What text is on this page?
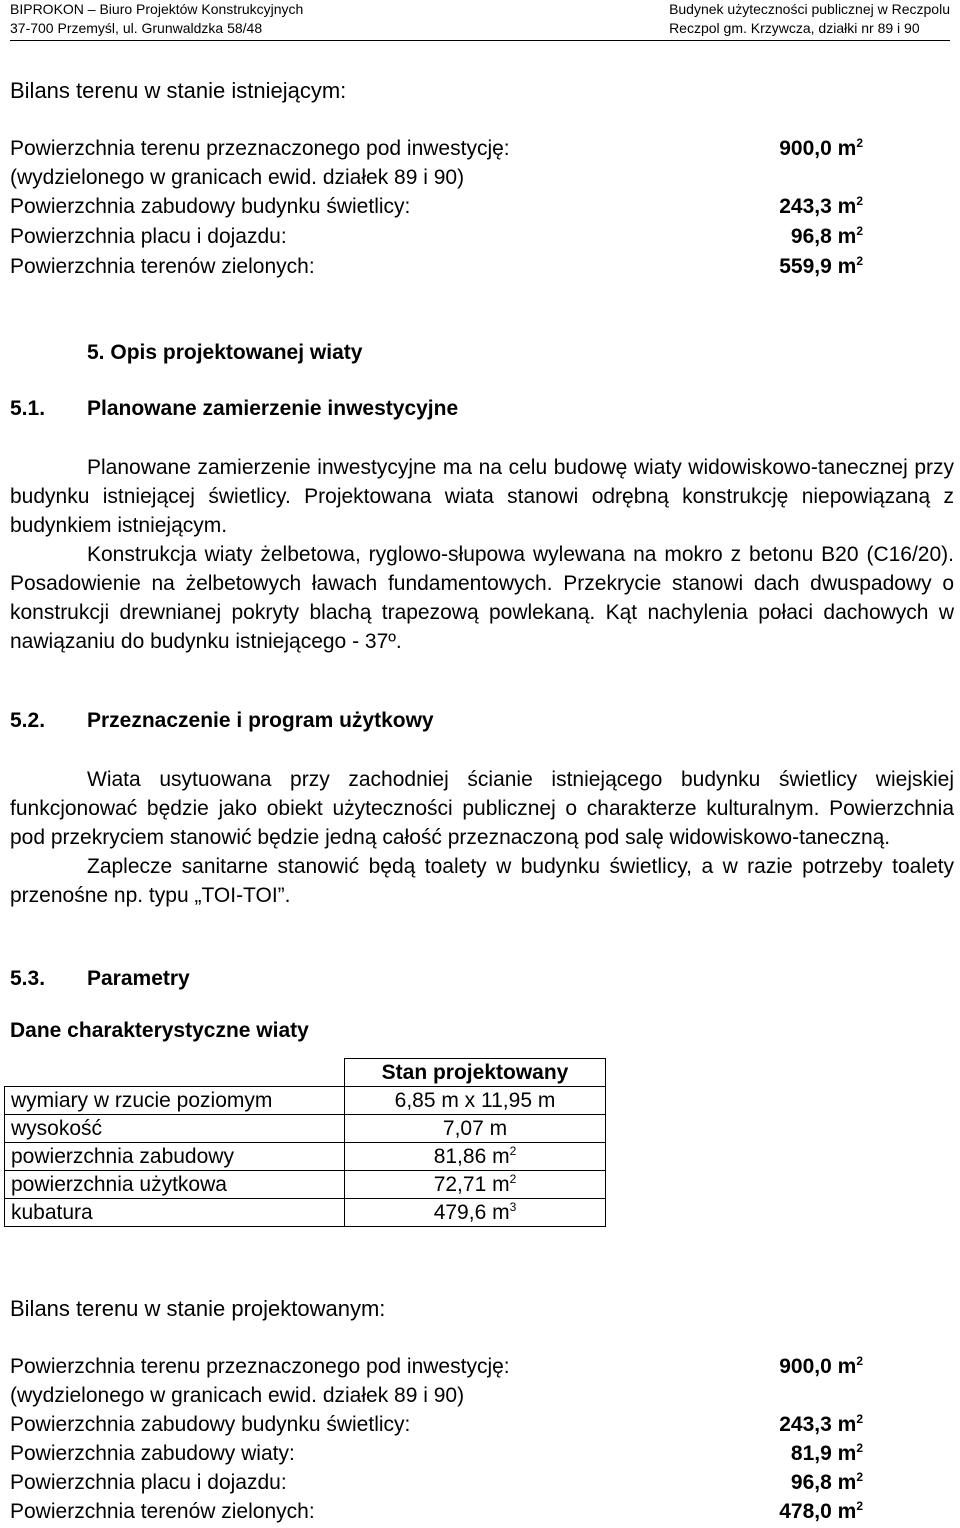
BIPROKON – Biuro Projektów Konstrukcyjnych
37-700 Przemyśl, ul. Grunwaldzka 58/48
Budynek użyteczności publicznej w Reczpolu
Reczpol gm. Krzywcza, działki nr 89 i 90
Bilans terenu w stanie istniejącym:
Powierzchnia terenu przeznaczonego pod inwestycję:	900,0 $m^2$
(wydzielonego w granicach ewid. działek 89 i 90)
Powierzchnia zabudowy budynku świetlicy:	243,3 $m^2$
Powierzchnia placu i dojazdu:	96,8 $m^2$
Powierzchnia terenów zielonych:	559,9 $m^2$
5. Opis projektowanej wiaty
5.1. Planowane zamierzenie inwestycyjne

Planowane zamierzenie inwestycyjne ma na celu budowę wiaty widowiskowo-tanecznej przy budynku istniejącej świetlicy. Projektowana wiata stanowi odrębną konstrukcję niepowiązaną z budynkiem istniejącym.

Konstrukcja wiaty żelbetowa, ryglowo-słupowa wylewana na mokro z betonu B20 (C16/20). Posadowienie na żelbetowych ławach fundamentowych. Przekrycie stanowi dach dwuspadowy o konstrukcji drewnianej pokryty blachą trapezową powlekaną. Kąt nachylenia połaci dachowych w nawiązaniu do budynku istniejącego - 37º.

5.2. Przeznaczenie i program użytkowy

Wiata usytuowana przy zachodniej ścianie istniejącego budynku świetlicy wiejskiej funkcjonować będzie jako obiekt użyteczności publicznej o charakterze kulturalnym. Powierzchnia pod przekryciem stanowić będzie jedną całość przeznaczoną pod salę widowiskowo-taneczną.

Zaplecze sanitarne stanowić będą toalety w budynku świetlicy, a w razie potrzeby toalety przenośne np. typu „TOI-TOI”.

5.3. Parametry
Dane charakterystyczne wiaty
	Stan projektowany
wymiary w rzucie poziomym	6,85 m x 11,95 m
wysokość	7,07 m
powierzchnia zabudowy	81,86 $m^2$
powierzchnia użytkowa	72,71 $m^2$
kubatura	479,6 $m^3$
Bilans terenu w stanie projektowanym:
Powierzchnia terenu przeznaczonego pod inwestycję:	900,0 $m^2$
(wydzielonego w granicach ewid. działek 89 i 90)
Powierzchnia zabudowy budynku świetlicy:	243,3 $m^2$
Powierzchnia zabudowy wiaty:	81,9 $m^2$
Powierzchnia placu i dojazdu:	96,8 $m^2$
Powierzchnia terenów zielonych:	478,0 $m^2$
